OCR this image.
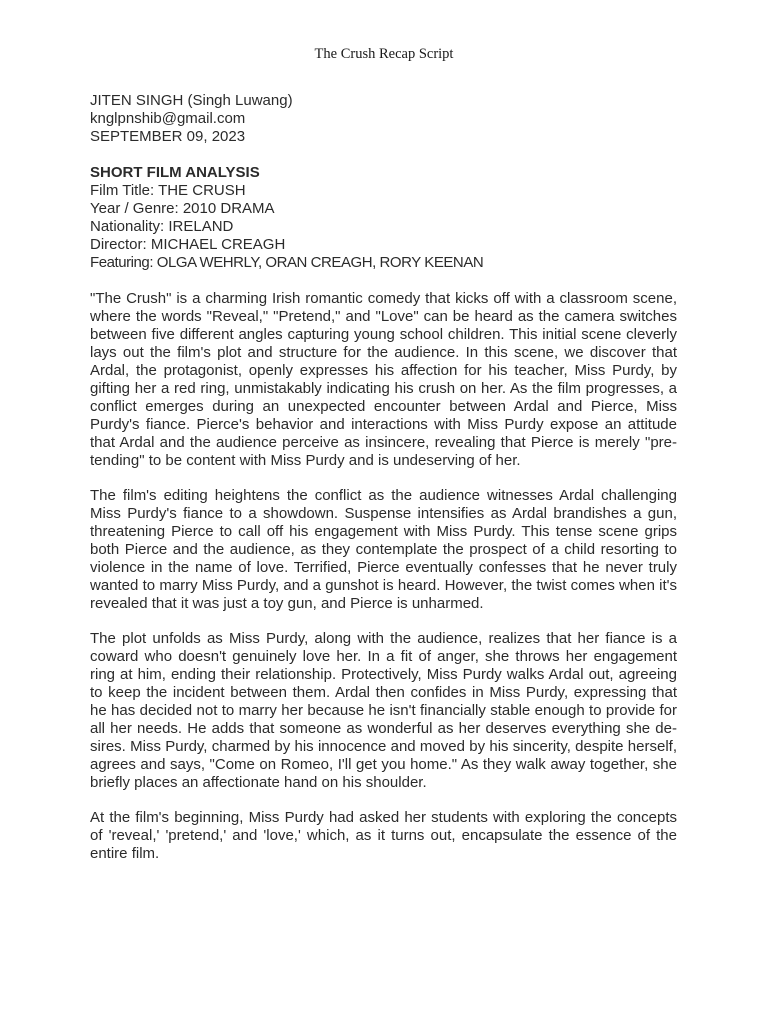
The Crush Recap Script
JITEN SINGH (Singh Luwang)
knglpnshib@gmail.com
SEPTEMBER 09, 2023
SHORT FILM ANALYSIS
Film Title: THE CRUSH
Year / Genre: 2010 DRAMA
Nationality: IRELAND
Director: MICHAEL CREAGH
Featuring: OLGA WEHRLY, ORAN CREAGH, RORY KEENAN

"The Crush" is a charming Irish romantic comedy that kicks off with a classroom scene, where the words "Reveal," "Pretend," and "Love" can be heard as the camera switches between five different angles capturing young school children. This initial scene cleverly lays out the film's plot and structure for the audience. In this scene, we discover that Ardal, the protagonist, openly expresses his affection for his teacher, Miss Purdy, by gifting her a red ring, unmistakably indicating his crush on her. As the film progresses, a conflict emerges during an unexpected encounter between Ardal and Pierce, Miss Purdy's fiance. Pierce's behavior and interactions with Miss Purdy expose an attitude that Ardal and the audience perceive as insincere, revealing that Pierce is merely "pretending" to be content with Miss Purdy and is undeserving of her.

The film's editing heightens the conflict as the audience witnesses Ardal challenging Miss Purdy's fiance to a showdown. Suspense intensifies as Ardal brandishes a gun, threatening Pierce to call off his engagement with Miss Purdy. This tense scene grips both Pierce and the audience, as they contemplate the prospect of a child resorting to violence in the name of love. Terrified, Pierce eventually confesses that he never truly wanted to marry Miss Purdy, and a gunshot is heard. However, the twist comes when it's revealed that it was just a toy gun, and Pierce is unharmed.

The plot unfolds as Miss Purdy, along with the audience, realizes that her fiance is a coward who doesn't genuinely love her. In a fit of anger, she throws her engagement ring at him, ending their relationship. Protectively, Miss Purdy walks Ardal out, agreeing to keep the incident between them. Ardal then confides in Miss Purdy, expressing that he has decided not to marry her because he isn't financially stable enough to provide for all her needs. He adds that someone as wonderful as her deserves everything she desires. Miss Purdy, charmed by his innocence and moved by his sincerity, despite herself, agrees and says, "Come on Romeo, I'll get you home." As they walk away together, she briefly places an affectionate hand on his shoulder.

At the film's beginning, Miss Purdy had asked her students with exploring the concepts of 'reveal,' 'pretend,' and 'love,' which, as it turns out, encapsulate the essence of the entire film.
